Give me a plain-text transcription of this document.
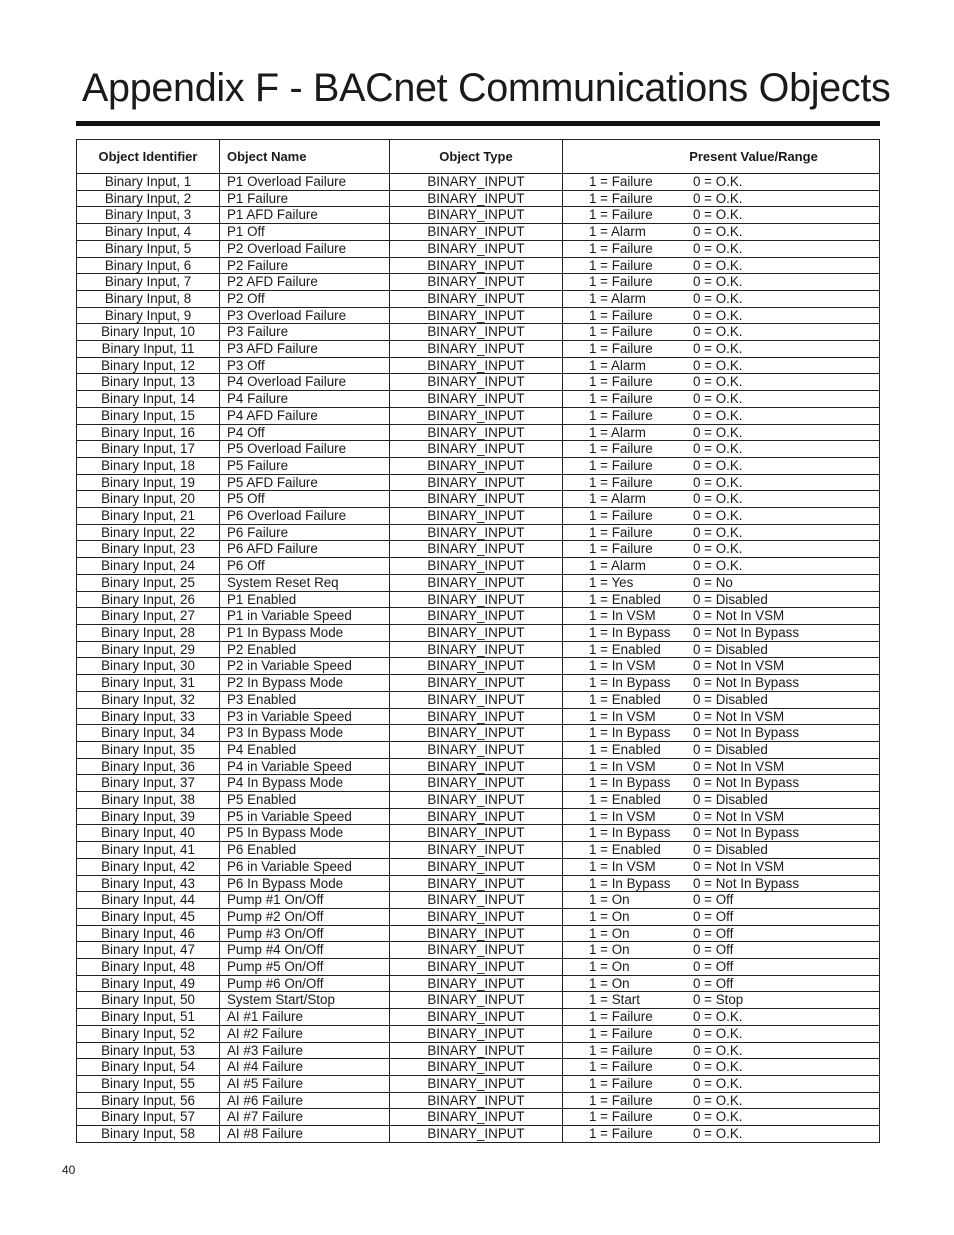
Appendix F - BACnet Communications Objects
Object Identifier	Object Name	Object Type	Present Value/Range
Binary Input, 1	P1 Overload Failure	BINARY_INPUT	1 = Failure 0 = O.K.
Binary Input, 2	P1 Failure	BINARY_INPUT	1 = Failure 0 = O.K.
Binary Input, 3	P1 AFD Failure	BINARY_INPUT	1 = Failure 0 = O.K.
Binary Input, 4	P1 Off	BINARY_INPUT	1 = Alarm 0 = O.K.
Binary Input, 5	P2 Overload Failure	BINARY_INPUT	1 = Failure 0 = O.K.
Binary Input, 6	P2 Failure	BINARY_INPUT	1 = Failure 0 = O.K.
Binary Input, 7	P2 AFD Failure	BINARY_INPUT	1 = Failure 0 = O.K.
Binary Input, 8	P2 Off	BINARY_INPUT	1 = Alarm 0 = O.K.
Binary Input, 9	P3 Overload Failure	BINARY_INPUT	1 = Failure 0 = O.K.
Binary Input, 10	P3 Failure	BINARY_INPUT	1 = Failure 0 = O.K.
Binary Input, 11	P3 AFD Failure	BINARY_INPUT	1 = Failure 0 = O.K.
Binary Input, 12	P3 Off	BINARY_INPUT	1 = Alarm 0 = O.K.
Binary Input, 13	P4 Overload Failure	BINARY_INPUT	1 = Failure 0 = O.K.
Binary Input, 14	P4 Failure	BINARY_INPUT	1 = Failure 0 = O.K.
Binary Input, 15	P4 AFD Failure	BINARY_INPUT	1 = Failure 0 = O.K.
Binary Input, 16	P4 Off	BINARY_INPUT	1 = Alarm 0 = O.K.
Binary Input, 17	P5 Overload Failure	BINARY_INPUT	1 = Failure 0 = O.K.
Binary Input, 18	P5 Failure	BINARY_INPUT	1 = Failure 0 = O.K.
Binary Input, 19	P5 AFD Failure	BINARY_INPUT	1 = Failure 0 = O.K.
Binary Input, 20	P5 Off	BINARY_INPUT	1 = Alarm 0 = O.K.
Binary Input, 21	P6 Overload Failure	BINARY_INPUT	1 = Failure 0 = O.K.
Binary Input, 22	P6 Failure	BINARY_INPUT	1 = Failure 0 = O.K.
Binary Input, 23	P6 AFD Failure	BINARY_INPUT	1 = Failure 0 = O.K.
Binary Input, 24	P6 Off	BINARY_INPUT	1 = Alarm 0 = O.K.
Binary Input, 25	System Reset Req	BINARY_INPUT	1 = Yes 0 = No
Binary Input, 26	P1 Enabled	BINARY_INPUT	1 = Enabled 0 = Disabled
Binary Input, 27	P1 in Variable Speed	BINARY_INPUT	1 = In VSM 0 = Not In VSM
Binary Input, 28	P1 In Bypass Mode	BINARY_INPUT	1 = In Bypass 0 = Not In Bypass
Binary Input, 29	P2 Enabled	BINARY_INPUT	1 = Enabled 0 = Disabled
Binary Input, 30	P2 in Variable Speed	BINARY_INPUT	1 = In VSM 0 = Not In VSM
Binary Input, 31	P2 In Bypass Mode	BINARY_INPUT	1 = In Bypass 0 = Not In Bypass
Binary Input, 32	P3 Enabled	BINARY_INPUT	1 = Enabled 0 = Disabled
Binary Input, 33	P3 in Variable Speed	BINARY_INPUT	1 = In VSM 0 = Not In VSM
Binary Input, 34	P3 In Bypass Mode	BINARY_INPUT	1 = In Bypass 0 = Not In Bypass
Binary Input, 35	P4 Enabled	BINARY_INPUT	1 = Enabled 0 = Disabled
Binary Input, 36	P4 in Variable Speed	BINARY_INPUT	1 = In VSM 0 = Not In VSM
Binary Input, 37	P4 In Bypass Mode	BINARY_INPUT	1 = In Bypass 0 = Not In Bypass
Binary Input, 38	P5 Enabled	BINARY_INPUT	1 = Enabled 0 = Disabled
Binary Input, 39	P5 in Variable Speed	BINARY_INPUT	1 = In VSM 0 = Not In VSM
Binary Input, 40	P5 In Bypass Mode	BINARY_INPUT	1 = In Bypass 0 = Not In Bypass
Binary Input, 41	P6 Enabled	BINARY_INPUT	1 = Enabled 0 = Disabled
Binary Input, 42	P6 in Variable Speed	BINARY_INPUT	1 = In VSM 0 = Not In VSM
Binary Input, 43	P6 In Bypass Mode	BINARY_INPUT	1 = In Bypass 0 = Not In Bypass
Binary Input, 44	Pump #1 On/Off	BINARY_INPUT	1 = On 0 = Off
Binary Input, 45	Pump #2 On/Off	BINARY_INPUT	1 = On 0 = Off
Binary Input, 46	Pump #3 On/Off	BINARY_INPUT	1 = On 0 = Off
Binary Input, 47	Pump #4 On/Off	BINARY_INPUT	1 = On 0 = Off
Binary Input, 48	Pump #5 On/Off	BINARY_INPUT	1 = On 0 = Off
Binary Input, 49	Pump #6 On/Off	BINARY_INPUT	1 = On 0 = Off
Binary Input, 50	System Start/Stop	BINARY_INPUT	1 = Start 0 = Stop
Binary Input, 51	AI #1 Failure	BINARY_INPUT	1 = Failure 0 = O.K.
Binary Input, 52	AI #2 Failure	BINARY_INPUT	1 = Failure 0 = O.K.
Binary Input, 53	AI #3 Failure	BINARY_INPUT	1 = Failure 0 = O.K.
Binary Input, 54	AI #4 Failure	BINARY_INPUT	1 = Failure 0 = O.K.
Binary Input, 55	AI #5 Failure	BINARY_INPUT	1 = Failure 0 = O.K.
Binary Input, 56	AI #6 Failure	BINARY_INPUT	1 = Failure 0 = O.K.
Binary Input, 57	AI #7 Failure	BINARY_INPUT	1 = Failure 0 = O.K.
Binary Input, 58	AI #8 Failure	BINARY_INPUT	1 = Failure 0 = O.K.
40
